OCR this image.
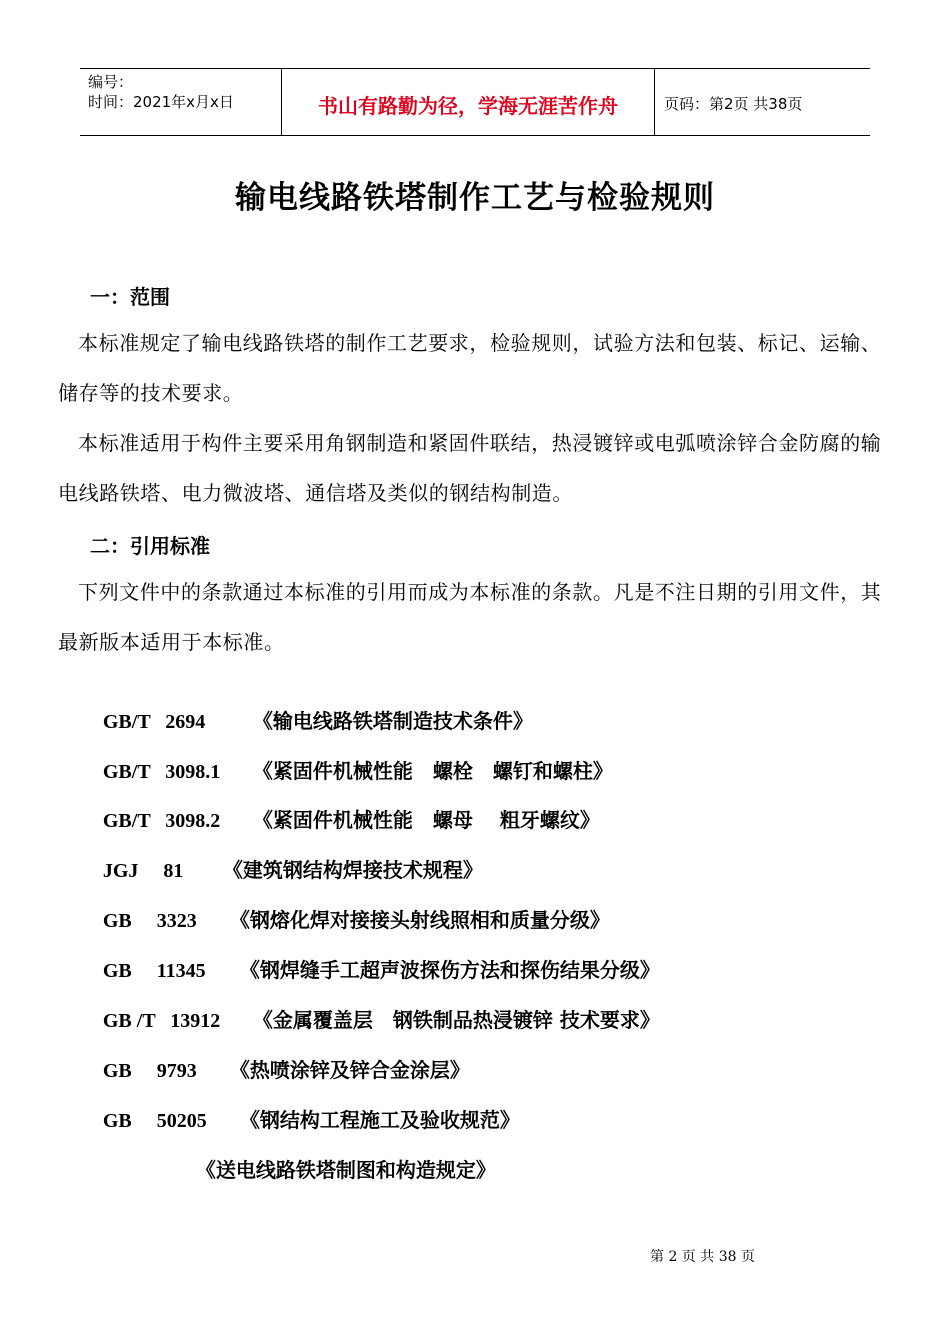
编号：
时间：2021年x月x日	书山有路勤为径，学海无涯苦作舟	页码：第2页 共38页
输电线路铁塔制作工艺与检验规则
一：范围
本标准规定了输电线路铁塔的制作工艺要求，检验规则，试验方法和包装、标记、运输、储存等的技术要求。
本标准适用于构件主要采用角钢制造和紧固件联结，热浸镀锌或电弧喷涂锌合金防腐的输电线路铁塔、电力微波塔、通信塔及类似的钢结构制造。
二：引用标准
下列文件中的条款通过本标准的引用而成为本标准的条款。凡是不注日期的引用文件，其最新版本适用于本标准。

GB/T   2694 《输电线路铁塔制造技术条件》

GB/T   3098.1 《紧固件机械性能　螺栓　螺钉和螺柱》

GB/T   3098.2 《紧固件机械性能　螺母　 粗牙螺纹》

JGJ     81 《建筑钢结构焊接技术规程》

GB     3323 《钢熔化焊对接接头射线照相和质量分级》

GB     11345 《钢焊缝手工超声波探伤方法和探伤结果分级》

GB /T   13912 《金属覆盖层　钢铁制品热浸镀锌 技术要求》

GB     9793 《热喷涂锌及锌合金涂层》

GB     50205 《钢结构工程施工及验收规范》

《送电线路铁塔制图和构造规定》

第 2 页 共 38 页
